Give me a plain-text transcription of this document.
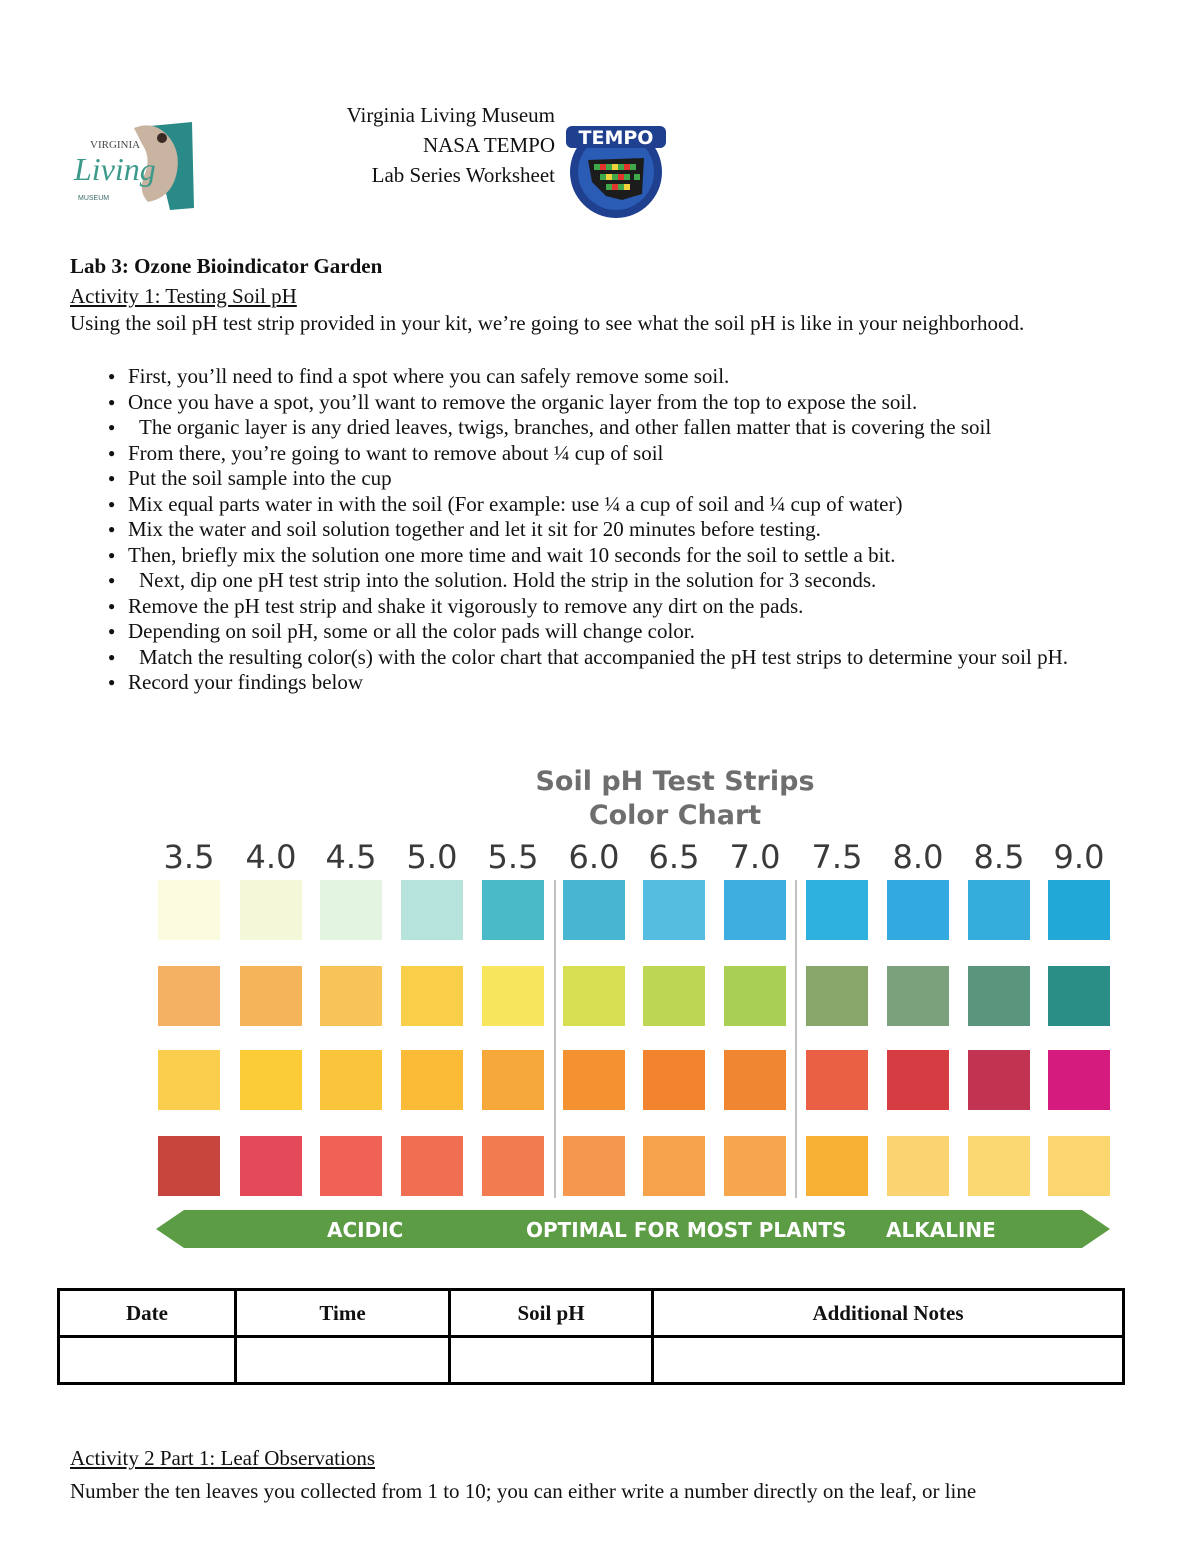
VIRGINIA
Living
MUSEUM
Virginia Living Museum
NASA TEMPO
Lab Series Worksheet
TEMPO
Lab 3: Ozone Bioindicator Garden
Activity 1: Testing Soil pH
Using the soil pH test strip provided in your kit, we’re going to see what the soil pH is like in your neighborhood.
● First, you’ll need to find a spot where you can safely remove some soil.
● Once you have a spot, you’ll want to remove the organic layer from the top to expose the soil.
● The organic layer is any dried leaves, twigs, branches, and other fallen matter that is covering the soil
● From there, you’re going to want to remove about ¼ cup of soil
● Put the soil sample into the cup
● Mix equal parts water in with the soil (For example: use ¼ a cup of soil and ¼ cup of water)
● Mix the water and soil solution together and let it sit for 20 minutes before testing.
● Then, briefly mix the solution one more time and wait 10 seconds for the soil to settle a bit.
● Next, dip one pH test strip into the solution. Hold the strip in the solution for 3 seconds.
● Remove the pH test strip and shake it vigorously to remove any dirt on the pads.
● Depending on soil pH, some or all the color pads will change color.
● Match the resulting color(s) with the color chart that accompanied the pH test strips to determine your soil pH.
● Record your findings below
Soil pH Test Strips
Color Chart
3.5 4.0 4.5 5.0 5.5 6.0 6.5 7.0 7.5 8.0 8.5 9.0
ACIDIC	OPTIMAL FOR MOST PLANTS ALKALINE
Date	Time	Soil pH	Additional Notes

Activity 2 Part 1: Leaf Observations
Number the ten leaves you collected from 1 to 10; you can either write a number directly on the leaf, or line
